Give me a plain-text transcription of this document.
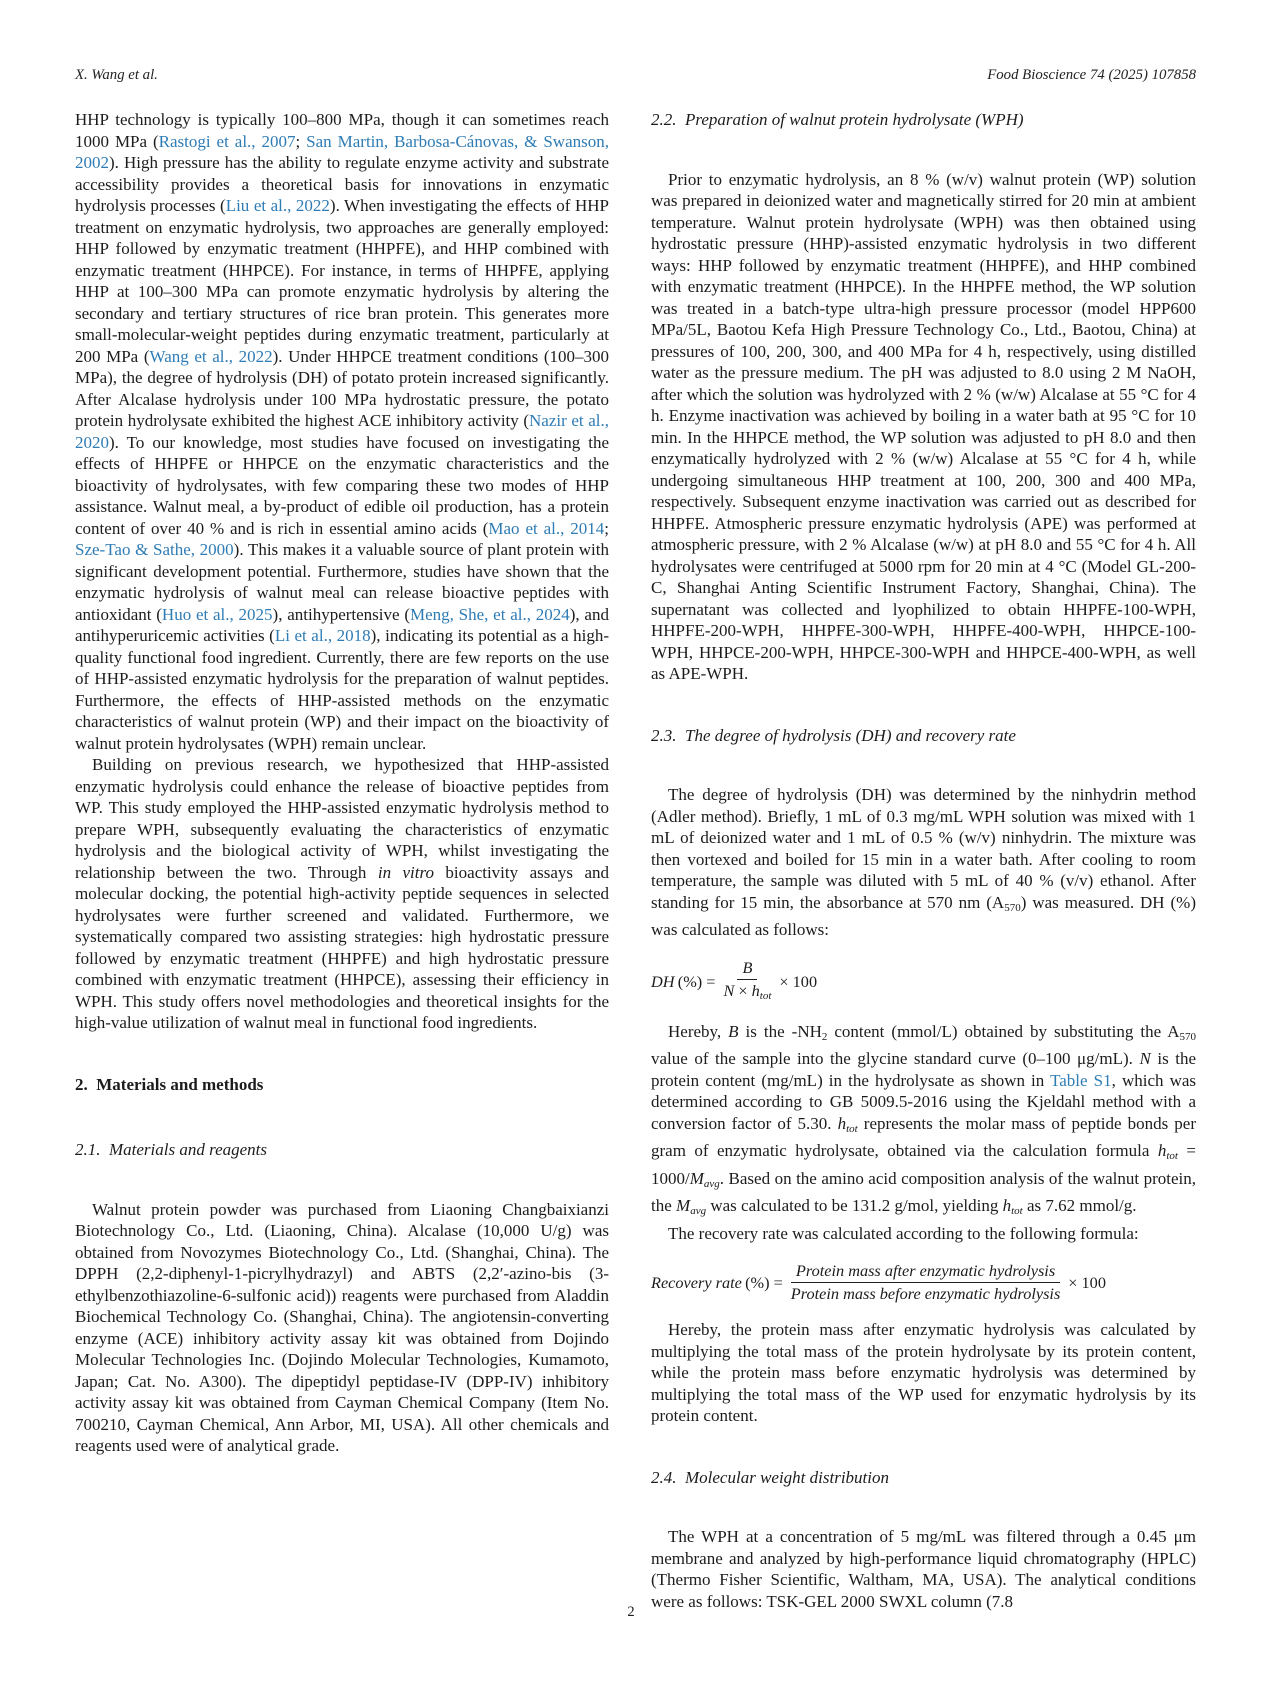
X. Wang et al.	Food Bioscience 74 (2025) 107858

HHP technology is typically 100–800 MPa, though it can sometimes reach 1000 MPa (Rastogi et al., 2007; San Martin, Barbosa-Cánovas, & Swanson, 2002). High pressure has the ability to regulate enzyme activity and substrate accessibility provides a theoretical basis for innovations in enzymatic hydrolysis processes (Liu et al., 2022). When investigating the effects of HHP treatment on enzymatic hydrolysis, two approaches are generally employed: HHP followed by enzymatic treatment (HHPFE), and HHP combined with enzymatic treatment (HHPCE). For instance, in terms of HHPFE, applying HHP at 100–300 MPa can promote enzymatic hydrolysis by altering the secondary and tertiary structures of rice bran protein. This generates more small-molecular-weight peptides during enzymatic treatment, particularly at 200 MPa (Wang et al., 2022). Under HHPCE treatment conditions (100–300 MPa), the degree of hydrolysis (DH) of potato protein increased significantly. After Alcalase hydrolysis under 100 MPa hydrostatic pressure, the potato protein hydrolysate exhibited the highest ACE inhibitory activity (Nazir et al., 2020). To our knowledge, most studies have focused on investigating the effects of HHPFE or HHPCE on the enzymatic characteristics and the bioactivity of hydrolysates, with few comparing these two modes of HHP assistance. Walnut meal, a by-product of edible oil production, has a protein content of over 40 % and is rich in essential amino acids (Mao et al., 2014; Sze-Tao & Sathe, 2000). This makes it a valuable source of plant protein with significant development potential. Furthermore, studies have shown that the enzymatic hydrolysis of walnut meal can release bioactive peptides with antioxidant (Huo et al., 2025), antihypertensive (Meng, She, et al., 2024), and antihyperuricemic activities (Li et al., 2018), indicating its potential as a high-quality functional food ingredient. Currently, there are few reports on the use of HHP-assisted enzymatic hydrolysis for the preparation of walnut peptides. Furthermore, the effects of HHP-assisted methods on the enzymatic characteristics of walnut protein (WP) and their impact on the bioactivity of walnut protein hydrolysates (WPH) remain unclear.

Building on previous research, we hypothesized that HHP-assisted enzymatic hydrolysis could enhance the release of bioactive peptides from WP. This study employed the HHP-assisted enzymatic hydrolysis method to prepare WPH, subsequently evaluating the characteristics of enzymatic hydrolysis and the biological activity of WPH, whilst investigating the relationship between the two. Through in vitro bioactivity assays and molecular docking, the potential high-activity peptide sequences in selected hydrolysates were further screened and validated. Furthermore, we systematically compared two assisting strategies: high hydrostatic pressure followed by enzymatic treatment (HHPFE) and high hydrostatic pressure combined with enzymatic treatment (HHPCE), assessing their efficiency in WPH. This study offers novel methodologies and theoretical insights for the high-value utilization of walnut meal in functional food ingredients.

2. Materials and methods
2.1. Materials and reagents

Walnut protein powder was purchased from Liaoning Changbaixianzi Biotechnology Co., Ltd. (Liaoning, China). Alcalase (10,000 U/g) was obtained from Novozymes Biotechnology Co., Ltd. (Shanghai, China). The DPPH (2,2-diphenyl-1-picrylhydrazyl) and ABTS (2,2′-azino-bis (3-ethylbenzothiazoline-6-sulfonic acid)) reagents were purchased from Aladdin Biochemical Technology Co. (Shanghai, China). The angiotensin-converting enzyme (ACE) inhibitory activity assay kit was obtained from Dojindo Molecular Technologies Inc. (Dojindo Molecular Technologies, Kumamoto, Japan; Cat. No. A300). The dipeptidyl peptidase-IV (DPP-IV) inhibitory activity assay kit was obtained from Cayman Chemical Company (Item No. 700210, Cayman Chemical, Ann Arbor, MI, USA). All other chemicals and reagents used were of analytical grade.

2.2. Preparation of walnut protein hydrolysate (WPH)

Prior to enzymatic hydrolysis, an 8 % (w/v) walnut protein (WP) solution was prepared in deionized water and magnetically stirred for 20 min at ambient temperature. Walnut protein hydrolysate (WPH) was then obtained using hydrostatic pressure (HHP)-assisted enzymatic hydrolysis in two different ways: HHP followed by enzymatic treatment (HHPFE), and HHP combined with enzymatic treatment (HHPCE). In the HHPFE method, the WP solution was treated in a batch-type ultra-high pressure processor (model HPP600 MPa/5L, Baotou Kefa High Pressure Technology Co., Ltd., Baotou, China) at pressures of 100, 200, 300, and 400 MPa for 4 h, respectively, using distilled water as the pressure medium. The pH was adjusted to 8.0 using 2 M NaOH, after which the solution was hydrolyzed with 2 % (w/w) Alcalase at 55 °C for 4 h. Enzyme inactivation was achieved by boiling in a water bath at 95 °C for 10 min. In the HHPCE method, the WP solution was adjusted to pH 8.0 and then enzymatically hydrolyzed with 2 % (w/w) Alcalase at 55 °C for 4 h, while undergoing simultaneous HHP treatment at 100, 200, 300 and 400 MPa, respectively. Subsequent enzyme inactivation was carried out as described for HHPFE. Atmospheric pressure enzymatic hydrolysis (APE) was performed at atmospheric pressure, with 2 % Alcalase (w/w) at pH 8.0 and 55 °C for 4 h. All hydrolysates were centrifuged at 5000 rpm for 20 min at 4 °C (Model GL-200-C, Shanghai Anting Scientific Instrument Factory, Shanghai, China). The supernatant was collected and lyophilized to obtain HHPFE-100-WPH, HHPFE-200-WPH, HHPFE-300-WPH, HHPFE-400-WPH, HHPCE-100-WPH, HHPCE-200-WPH, HHPCE-300-WPH and HHPCE-400-WPH, as well as APE-WPH.

2.3. The degree of hydrolysis (DH) and recovery rate

The degree of hydrolysis (DH) was determined by the ninhydrin method (Adler method). Briefly, 1 mL of 0.3 mg/mL WPH solution was mixed with 1 mL of deionized water and 1 mL of 0.5 % (w/v) ninhydrin. The mixture was then vortexed and boiled for 15 min in a water bath. After cooling to room temperature, the sample was diluted with 5 mL of 40 % (v/v) ethanol. After standing for 15 min, the absorbance at 570 nm (A570) was measured. DH (%) was calculated as follows:

DH (%) = $\frac{B}{\text{N × htot}} \times 100$

Hereby, B is the -NH2 content (mmol/L) obtained by substituting the A570 value of the sample into the glycine standard curve (0–100 μg/mL). N is the protein content (mg/mL) in the hydrolysate as shown in Table S1, which was determined according to GB 5009.5-2016 using the Kjeldahl method with a conversion factor of 5.30. htot represents the molar mass of peptide bonds per gram of enzymatic hydrolysate, obtained via the calculation formula htot = 1000/Mavg. Based on the amino acid composition analysis of the walnut protein, the Mavg was calculated to be 131.2 g/mol, yielding htot as 7.62 mmol/g.

The recovery rate was calculated according to the following formula:

Recovery rate (%) = $\frac{\text{Protein mass after enzymatic hydrolysis}}{\text{Protein mass before enzymatic hydrolysis}} \times 100$

Hereby, the protein mass after enzymatic hydrolysis was calculated by multiplying the total mass of the protein hydrolysate by its protein content, while the protein mass before enzymatic hydrolysis was determined by multiplying the total mass of the WP used for enzymatic hydrolysis by its protein content.

2.4. Molecular weight distribution

The WPH at a concentration of 5 mg/mL was filtered through a 0.45 μm membrane and analyzed by high-performance liquid chromatography (HPLC) (Thermo Fisher Scientific, Waltham, MA, USA). The analytical conditions were as follows: TSK-GEL 2000 SWXL column (7.8

2
